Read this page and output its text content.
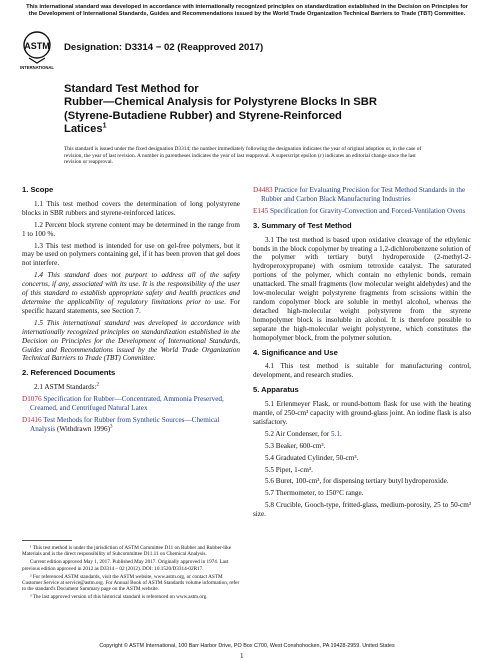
This international standard was developed in accordance with internationally recognized principles on standardization established in the Decision on Principles for the Development of International Standards, Guides and Recommendations issued by the World Trade Organization Technical Barriers to Trade (TBT) Committee.
ASTM
INTERNATIONAL
Designation: D3314 − 02 (Reapproved 2017)
Standard Test Method for
Rubber—Chemical Analysis for Polystyrene Blocks In SBR
(Styrene-Butadiene Rubber) and Styrene-Reinforced
Latices$^1$
This standard is issued under the fixed designation D3314; the number immediately following the designation indicates the year of original adoption or, in the case of revision, the year of last revision. A number in parentheses indicates the year of last reapproval. A superscript epsilon (ε) indicates an editorial change since the last revision or reapproval.
1. Scope

1.1 This test method covers the determination of long polystyrene blocks in SBR rubbers and styrene-reinforced latices.

1.2 Percent block styrene content may be determined in the range from 1 to 100 %.

1.3 This test method is intended for use on gel-free polymers, but it may be used on polymers containing gel, if it has been proven that gel does not interfere.

1.4 This standard does not purport to address all of the safety concerns, if any, associated with its use. It is the responsibility of the user of this standard to establish appropriate safety and health practices and determine the applicability of regulatory limitations prior to use. For specific hazard statements, see Section 7.

1.5 This international standard was developed in accordance with internationally recognized principles on standardization established in the Decision on Principles for the Development of International Standards, Guides and Recommendations issued by the World Trade Organization Technical Barriers to Trade (TBT) Committee.

2. Referenced Documents

2.1 ASTM Standards:$^2$

D1076 Specification for Rubber—Concentrated, Ammonia Preserved, Creamed, and Centrifuged Natural Latex
D1416 Test Methods for Rubber from Synthetic Sources—Chemical Analysis (Withdrawn 1996)$^3$
D4483 Practice for Evaluating Precision for Test Method Standards in the Rubber and Carbon Black Manufacturing Industries
E145 Specification for Gravity-Convection and Forced-Ventilation Ovens
3. Summary of Test Method

3.1 The test method is based upon oxidative cleavage of the ethylenic bonds in the block copolymer by treating a 1,2-dichlorobenzene solution of the polymer with tertiary butyl hydroperoxide (2-methyl-2-hydroperoxypropane) with osmium tetroxide catalyst. The saturated portions of the polymer, which contain no ethylenic bonds, remain unattacked. The small fragments (low molecular weight aldehydes) and the low-molecular weight polystyrene fragments from scissions within the random copolymer block are soluble in methyl alcohol, whereas the detached high-molecular weight polystyrene from the styrene homopolymer block is insoluble in alcohol. It is therefore possible to separate the high-molecular weight polystyrene, which constitutes the homopolymer block, from the polymer solution.

4. Significance and Use

4.1 This test method is suitable for manufacturing control, development, and research studies.

5. Apparatus

5.1 Erlenmeyer Flask, or round-bottom flask for use with the heating mantle, of 250-cm³ capacity with ground-glass joint. An iodine flask is also satisfactory.

5.2 Air Condenser, for 5.1.

5.3 Beaker, 600-cm³.

5.4 Graduated Cylinder, 50-cm³.

5.5 Pipet, 1-cm³.

5.6 Buret, 100-cm³, for dispensing tertiary butyl hydroperoxide.

5.7 Thermometer, to 150°C range.

5.8 Crucible, Gooch-type, fritted-glass, medium-porosity, 25 to 50-cm³ size.

¹ This test method is under the jurisdiction of ASTM Committee D11 on Rubber and Rubber-like Materials and is the direct responsibility of Subcommittee D11.11 on Chemical Analysis.

Current edition approved May 1, 2017. Published May 2017. Originally approved in 1974. Last previous edition approved in 2012 as D3314 – 02 (2012). DOI: 10.1520/D3314-02R17.

² For referenced ASTM standards, visit the ASTM website, www.astm.org, or contact ASTM Customer Service at service@astm.org. For Annual Book of ASTM Standards volume information, refer to the standard's Document Summary page on the ASTM website.

³ The last approved version of this historical standard is referenced on www.astm.org.

Copyright © ASTM International, 100 Barr Harbor Drive, PO Box C700, West Conshohocken, PA 19428-2959. United States
1
